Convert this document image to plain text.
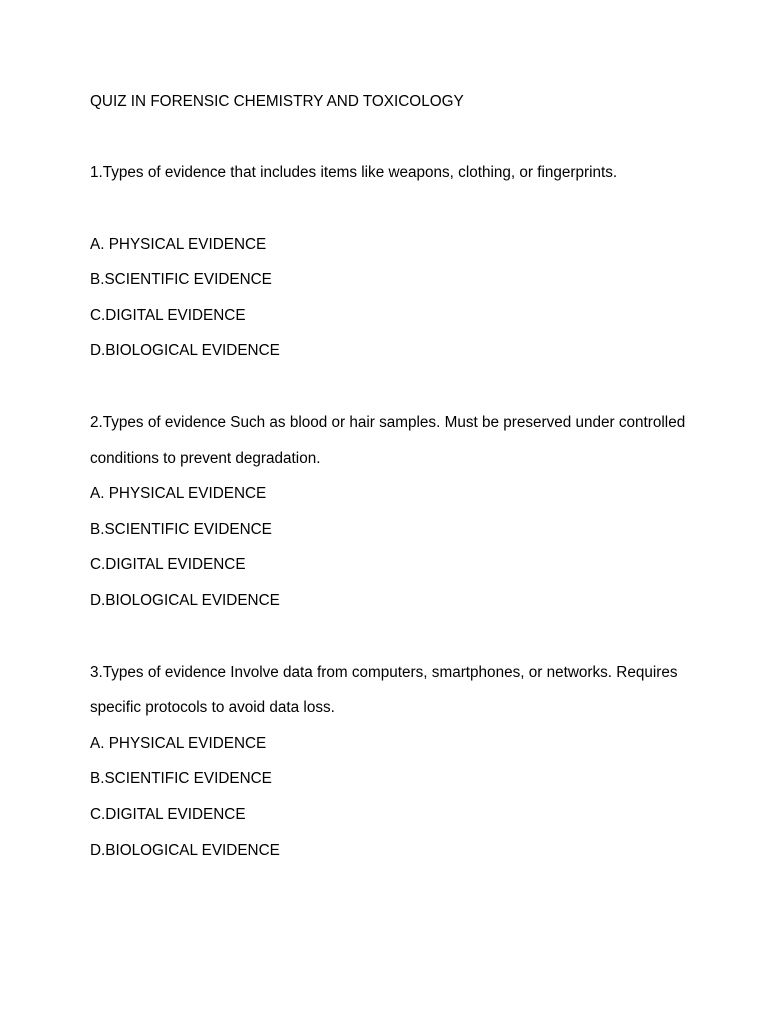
QUIZ IN FORENSIC CHEMISTRY AND TOXICOLOGY
1.Types of evidence that includes items like weapons, clothing, or fingerprints.
A. PHYSICAL EVIDENCE
B.SCIENTIFIC EVIDENCE
C.DIGITAL EVIDENCE
D.BIOLOGICAL EVIDENCE
2.Types of evidence Such as blood or hair samples. Must be preserved under controlled
conditions to prevent degradation.
A. PHYSICAL EVIDENCE
B.SCIENTIFIC EVIDENCE
C.DIGITAL EVIDENCE
D.BIOLOGICAL EVIDENCE
3.Types of evidence Involve data from computers, smartphones, or networks. Requires
specific protocols to avoid data loss.
A. PHYSICAL EVIDENCE
B.SCIENTIFIC EVIDENCE
C.DIGITAL EVIDENCE
D.BIOLOGICAL EVIDENCE
